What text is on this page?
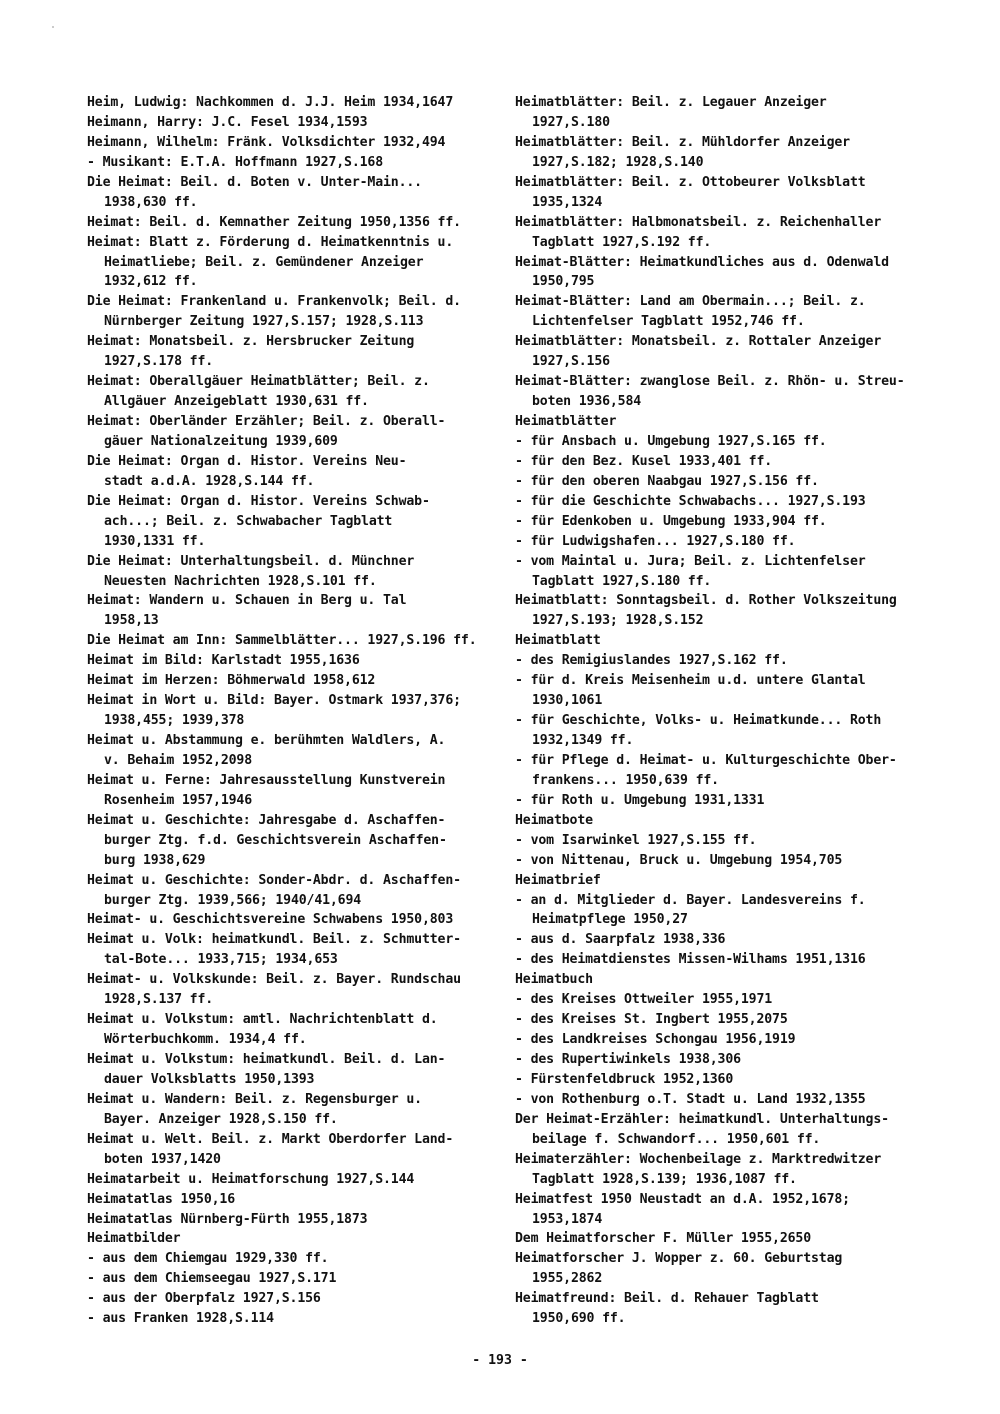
Heim, Ludwig: Nachkommen d. J.J. Heim 1934,1647
Heimann, Harry: J.C. Fesel 1934,1593
Heimann, Wilhelm: Fränk. Volksdichter 1932,494
- Musikant: E.T.A. Hoffmann 1927,S.168
Die Heimat: Beil. d. Boten v. Unter-Main...
1938,630 ff.
Heimat: Beil. d. Kemnather Zeitung 1950,1356 ff.
Heimat: Blatt z. Förderung d. Heimatkenntnis u.
Heimatliebe; Beil. z. Gemündener Anzeiger
1932,612 ff.
Die Heimat: Frankenland u. Frankenvolk; Beil. d.
Nürnberger Zeitung 1927,S.157; 1928,S.113
Heimat: Monatsbeil. z. Hersbrucker Zeitung
1927,S.178 ff.
Heimat: Oberallgäuer Heimatblätter; Beil. z.
Allgäuer Anzeigeblatt 1930,631 ff.
Heimat: Oberländer Erzähler; Beil. z. Oberall-
gäuer Nationalzeitung 1939,609
Die Heimat: Organ d. Histor. Vereins Neu-
stadt a.d.A. 1928,S.144 ff.
Die Heimat: Organ d. Histor. Vereins Schwab-
ach...; Beil. z. Schwabacher Tagblatt
1930,1331 ff.
Die Heimat: Unterhaltungsbeil. d. Münchner
Neuesten Nachrichten 1928,S.101 ff.
Heimat: Wandern u. Schauen in Berg u. Tal
1958,13
Die Heimat am Inn: Sammelblätter... 1927,S.196 ff.
Heimat im Bild: Karlstadt 1955,1636
Heimat im Herzen: Böhmerwald 1958,612
Heimat in Wort u. Bild: Bayer. Ostmark 1937,376;
1938,455; 1939,378
Heimat u. Abstammung e. berühmten Waldlers, A.
v. Behaim 1952,2098
Heimat u. Ferne: Jahresausstellung Kunstverein
Rosenheim 1957,1946
Heimat u. Geschichte: Jahresgabe d. Aschaffen-
burger Ztg. f.d. Geschichtsverein Aschaffen-
burg 1938,629
Heimat u. Geschichte: Sonder-Abdr. d. Aschaffen-
burger Ztg. 1939,566; 1940/41,694
Heimat- u. Geschichtsvereine Schwabens 1950,803
Heimat u. Volk: heimatkundl. Beil. z. Schmutter-
tal-Bote... 1933,715; 1934,653
Heimat- u. Volkskunde: Beil. z. Bayer. Rundschau
1928,S.137 ff.
Heimat u. Volkstum: amtl. Nachrichtenblatt d.
Wörterbuchkomm. 1934,4 ff.
Heimat u. Volkstum: heimatkundl. Beil. d. Lan-
dauer Volksblatts 1950,1393
Heimat u. Wandern: Beil. z. Regensburger u.
Bayer. Anzeiger 1928,S.150 ff.
Heimat u. Welt. Beil. z. Markt Oberdorfer Land-
boten 1937,1420
Heimatarbeit u. Heimatforschung 1927,S.144
Heimatatlas 1950,16
Heimatatlas Nürnberg-Fürth 1955,1873
Heimatbilder
- aus dem Chiemgau 1929,330 ff.
- aus dem Chiemseegau 1927,S.171
- aus der Oberpfalz 1927,S.156
- aus Franken 1928,S.114
Heimatblätter: Beil. z. Legauer Anzeiger
1927,S.180
Heimatblätter: Beil. z. Mühldorfer Anzeiger
1927,S.182; 1928,S.140
Heimatblätter: Beil. z. Ottobeurer Volksblatt
1935,1324
Heimatblätter: Halbmonatsbeil. z. Reichenhaller
Tagblatt 1927,S.192 ff.
Heimat-Blätter: Heimatkundliches aus d. Odenwald
1950,795
Heimat-Blätter: Land am Obermain...; Beil. z.
Lichtenfelser Tagblatt 1952,746 ff.
Heimatblätter: Monatsbeil. z. Rottaler Anzeiger
1927,S.156
Heimat-Blätter: zwanglose Beil. z. Rhön- u. Streu-
boten 1936,584
Heimatblätter
- für Ansbach u. Umgebung 1927,S.165 ff.
- für den Bez. Kusel 1933,401 ff.
- für den oberen Naabgau 1927,S.156 ff.
- für die Geschichte Schwabachs... 1927,S.193
- für Edenkoben u. Umgebung 1933,904 ff.
- für Ludwigshafen... 1927,S.180 ff.
- vom Maintal u. Jura; Beil. z. Lichtenfelser
Tagblatt 1927,S.180 ff.
Heimatblatt: Sonntagsbeil. d. Rother Volkszeitung
1927,S.193; 1928,S.152
Heimatblatt
- des Remigiuslandes 1927,S.162 ff.
- für d. Kreis Meisenheim u.d. untere Glantal
1930,1061
- für Geschichte, Volks- u. Heimatkunde... Roth
1932,1349 ff.
- für Pflege d. Heimat- u. Kulturgeschichte Ober-
frankens... 1950,639 ff.
- für Roth u. Umgebung 1931,1331
Heimatbote
- vom Isarwinkel 1927,S.155 ff.
- von Nittenau, Bruck u. Umgebung 1954,705
Heimatbrief
- an d. Mitglieder d. Bayer. Landesvereins f.
Heimatpflege 1950,27
- aus d. Saarpfalz 1938,336
- des Heimatdienstes Missen-Wilhams 1951,1316
Heimatbuch
- des Kreises Ottweiler 1955,1971
- des Kreises St. Ingbert 1955,2075
- des Landkreises Schongau 1956,1919
- des Rupertiwinkels 1938,306
- Fürstenfeldbruck 1952,1360
- von Rothenburg o.T. Stadt u. Land 1932,1355
Der Heimat-Erzähler: heimatkundl. Unterhaltungs-
beilage f. Schwandorf... 1950,601 ff.
Heimaterzähler: Wochenbeilage z. Marktredwitzer
Tagblatt 1928,S.139; 1936,1087 ff.
Heimatfest 1950 Neustadt an d.A. 1952,1678;
1953,1874
Dem Heimatforscher F. Müller 1955,2650
Heimatforscher J. Wopper z. 60. Geburtstag
1955,2862
Heimatfreund: Beil. d. Rehauer Tagblatt
1950,690 ff.
- 193 -
